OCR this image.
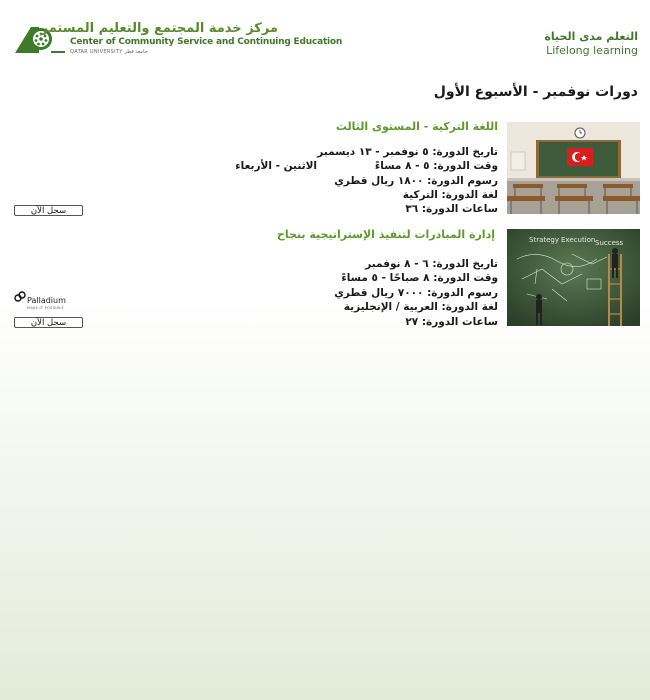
مركز خدمة المجتمع والتعليم المستمر
Center of Community Service and Continuing Education
QATAR UNIVERSITY جامعة قطر
التعلم مدى الحياة
Lifelong learning
دورات نوفمبر - الأسبوع الأول
اللغة التركية - المستوى الثالث
تاريخ الدورة: ٥ نوفمبر - ١٣ ديسمبر
وقت الدورة: ٥ - ٨ مساءً
الاثنين - الأربعاء
رسوم الدورة: ١٨٠٠ ريال قطري
لغة الدورة: التركية
ساعات الدورة: ٣٦
سجل الآن
Strategy Execution Success
إدارة المبادرات لتنفيذ الإستراتيجية بنجاح
تاريخ الدورة: ٦ - ٨ نوفمبر
وقت الدورة: ٨ صباحًا - ٥ مساءً
رسوم الدورة: ٧٠٠٠ ريال قطري
لغة الدورة: العربية / الإنجليزية
ساعات الدورة: ٢٧
Palladium
MAKE IT POSSIBLE
سجل الآن
